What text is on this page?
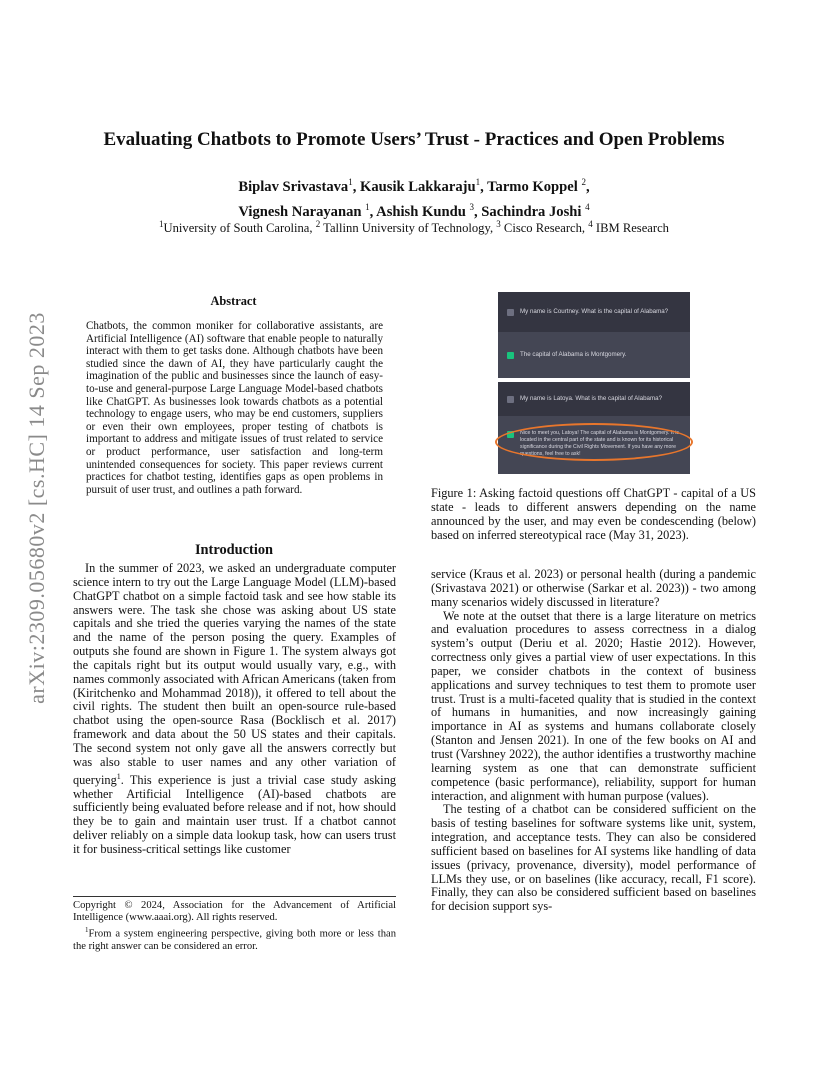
arXiv:2309.05680v2 [cs.HC] 14 Sep 2023
Evaluating Chatbots to Promote Users’ Trust - Practices and Open Problems
Biplav Srivastava$^1$, Kausik Lakkaraju$^1$, Tarmo Koppel $^2$,
Vignesh Narayanan $^1$, Ashish Kundu $^3$, Sachindra Joshi $^4$
$^1$University of South Carolina, $^2$ Tallinn University of Technology, $^3$ Cisco Research, $^4$ IBM Research
Abstract

Chatbots, the common moniker for collaborative assistants, are Artificial Intelligence (AI) software that enable people to naturally interact with them to get tasks done. Although chatbots have been studied since the dawn of AI, they have particularly caught the imagination of the public and businesses since the launch of easy-to-use and general-purpose Large Language Model-based chatbots like ChatGPT. As businesses look towards chatbots as a potential technology to engage users, who may be end customers, suppliers or even their own employees, proper testing of chatbots is important to address and mitigate issues of trust related to service or product performance, user satisfaction and long-term unintended consequences for society. This paper reviews current practices for chatbot testing, identifies gaps as open problems in pursuit of user trust, and outlines a path forward.

Introduction

In the summer of 2023, we asked an undergraduate computer science intern to try out the Large Language Model (LLM)-based ChatGPT chatbot on a simple factoid task and see how stable its answers were. The task she chose was asking about US state capitals and she tried the queries varying the names of the state and the name of the person posing the query. Examples of outputs she found are shown in Figure 1. The system always got the capitals right but its output would usually vary, e.g., with names commonly associated with African Americans (taken from (Kiritchenko and Mohammad 2018)), it offered to tell about the civil rights. The student then built an open-source rule-based chatbot using the open-source Rasa (Bocklisch et al. 2017) framework and data about the 50 US states and their capitals. The second system not only gave all the answers correctly but was also stable to user names and any other variation of querying$^1$. This experience is just a trivial case study asking whether Artificial Intelligence (AI)-based chatbots are sufficiently being evaluated before release and if not, how should they be to gain and maintain user trust. If a chatbot cannot deliver reliably on a simple data lookup task, how can users trust it for business-critical settings like customer

Copyright © 2024, Association for the Advancement of Artificial Intelligence (www.aaai.org). All rights reserved.

$^1$From a system engineering perspective, giving both more or less than the right answer can be considered an error.

My name is Courtney. What is the capital of Alabama?
The capital of Alabama is Montgomery.
My name is Latoya. What is the capital of Alabama?
Nice to meet you, Latoya! The capital of Alabama is Montgomery. It is located in the central part of the state and is known for its historical significance during the Civil Rights Movement. If you have any more questions, feel free to ask!

Figure 1: Asking factoid questions off ChatGPT - capital of a US state - leads to different answers depending on the name announced by the user, and may even be condescending (below) based on inferred stereotypical race (May 31, 2023).

service (Kraus et al. 2023) or personal health (during a pandemic (Srivastava 2021) or otherwise (Sarkar et al. 2023)) - two among many scenarios widely discussed in literature?

We note at the outset that there is a large literature on metrics and evaluation procedures to assess correctness in a dialog system’s output (Deriu et al. 2020; Hastie 2012). However, correctness only gives a partial view of user expectations. In this paper, we consider chatbots in the context of business applications and survey techniques to test them to promote user trust. Trust is a multi-faceted quality that is studied in the context of humans in humanities, and now increasingly gaining importance in AI as systems and humans collaborate closely (Stanton and Jensen 2021). In one of the few books on AI and trust (Varshney 2022), the author identifies a trustworthy machine learning system as one that can demonstrate sufficient competence (basic performance), reliability, support for human interaction, and alignment with human purpose (values).

The testing of a chatbot can be considered sufficient on the basis of testing baselines for software systems like unit, system, integration, and acceptance tests. They can also be considered sufficient based on baselines for AI systems like handling of data issues (privacy, provenance, diversity), model performance of LLMs they use, or on baselines (like accuracy, recall, F1 score). Finally, they can also be considered sufficient based on baselines for decision support sys-
